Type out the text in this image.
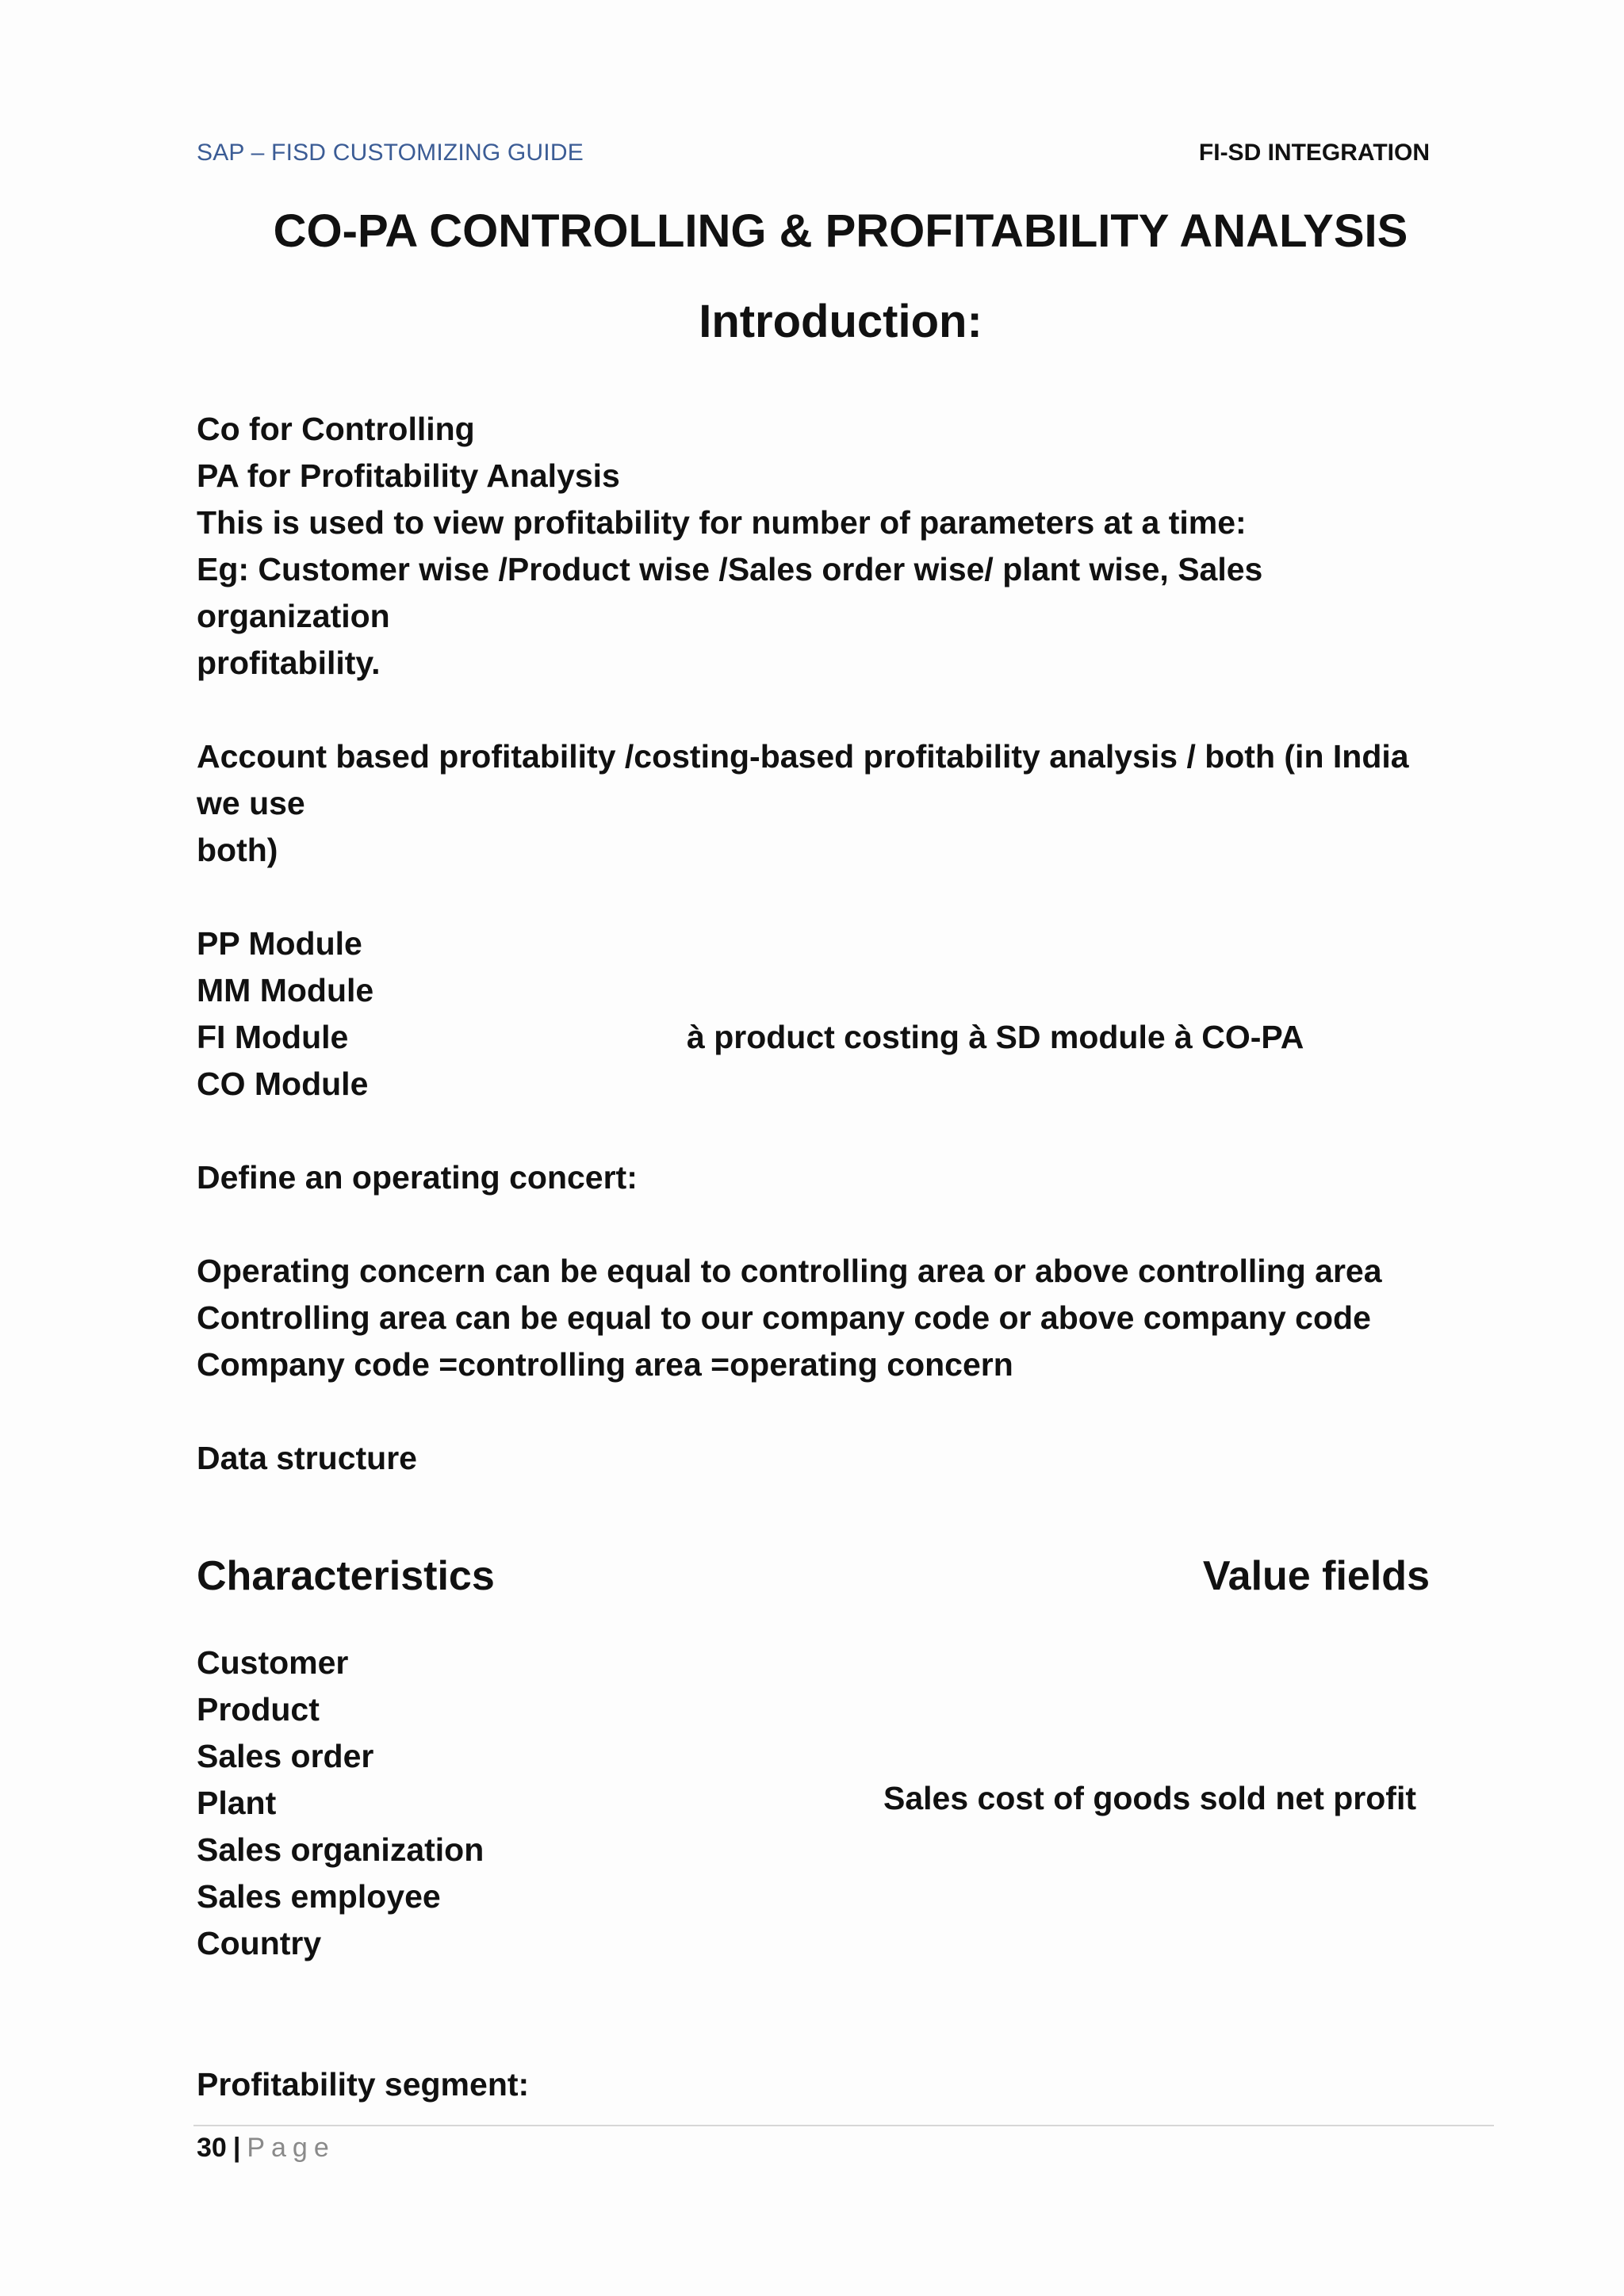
SAP – FISD CUSTOMIZING GUIDE	FI-SD INTEGRATION
CO-PA CONTROLLING & PROFITABILITY ANALYSIS
Introduction:
Co for Controlling
PA for Profitability Analysis
This is used to view profitability for number of parameters at a time:
Eg: Customer wise /Product wise /Sales order wise/ plant wise, Sales
organization
profitability.
Account based profitability /costing-based profitability analysis / both (in India
we use
both)
PP Module
MM Module
FI Module
CO Module
à product costing à SD module à CO-PA
Define an operating concert:
Operating concern can be equal to controlling area or above controlling area
Controlling area can be equal to our company code or above company code
Company code =controlling area =operating concern
Data structure
Characteristics	Value fields
Customer
Product
Sales order
Plant
Sales organization
Sales employee
Country
Sales cost of goods sold net profit
Profitability segment:
30 | Page
